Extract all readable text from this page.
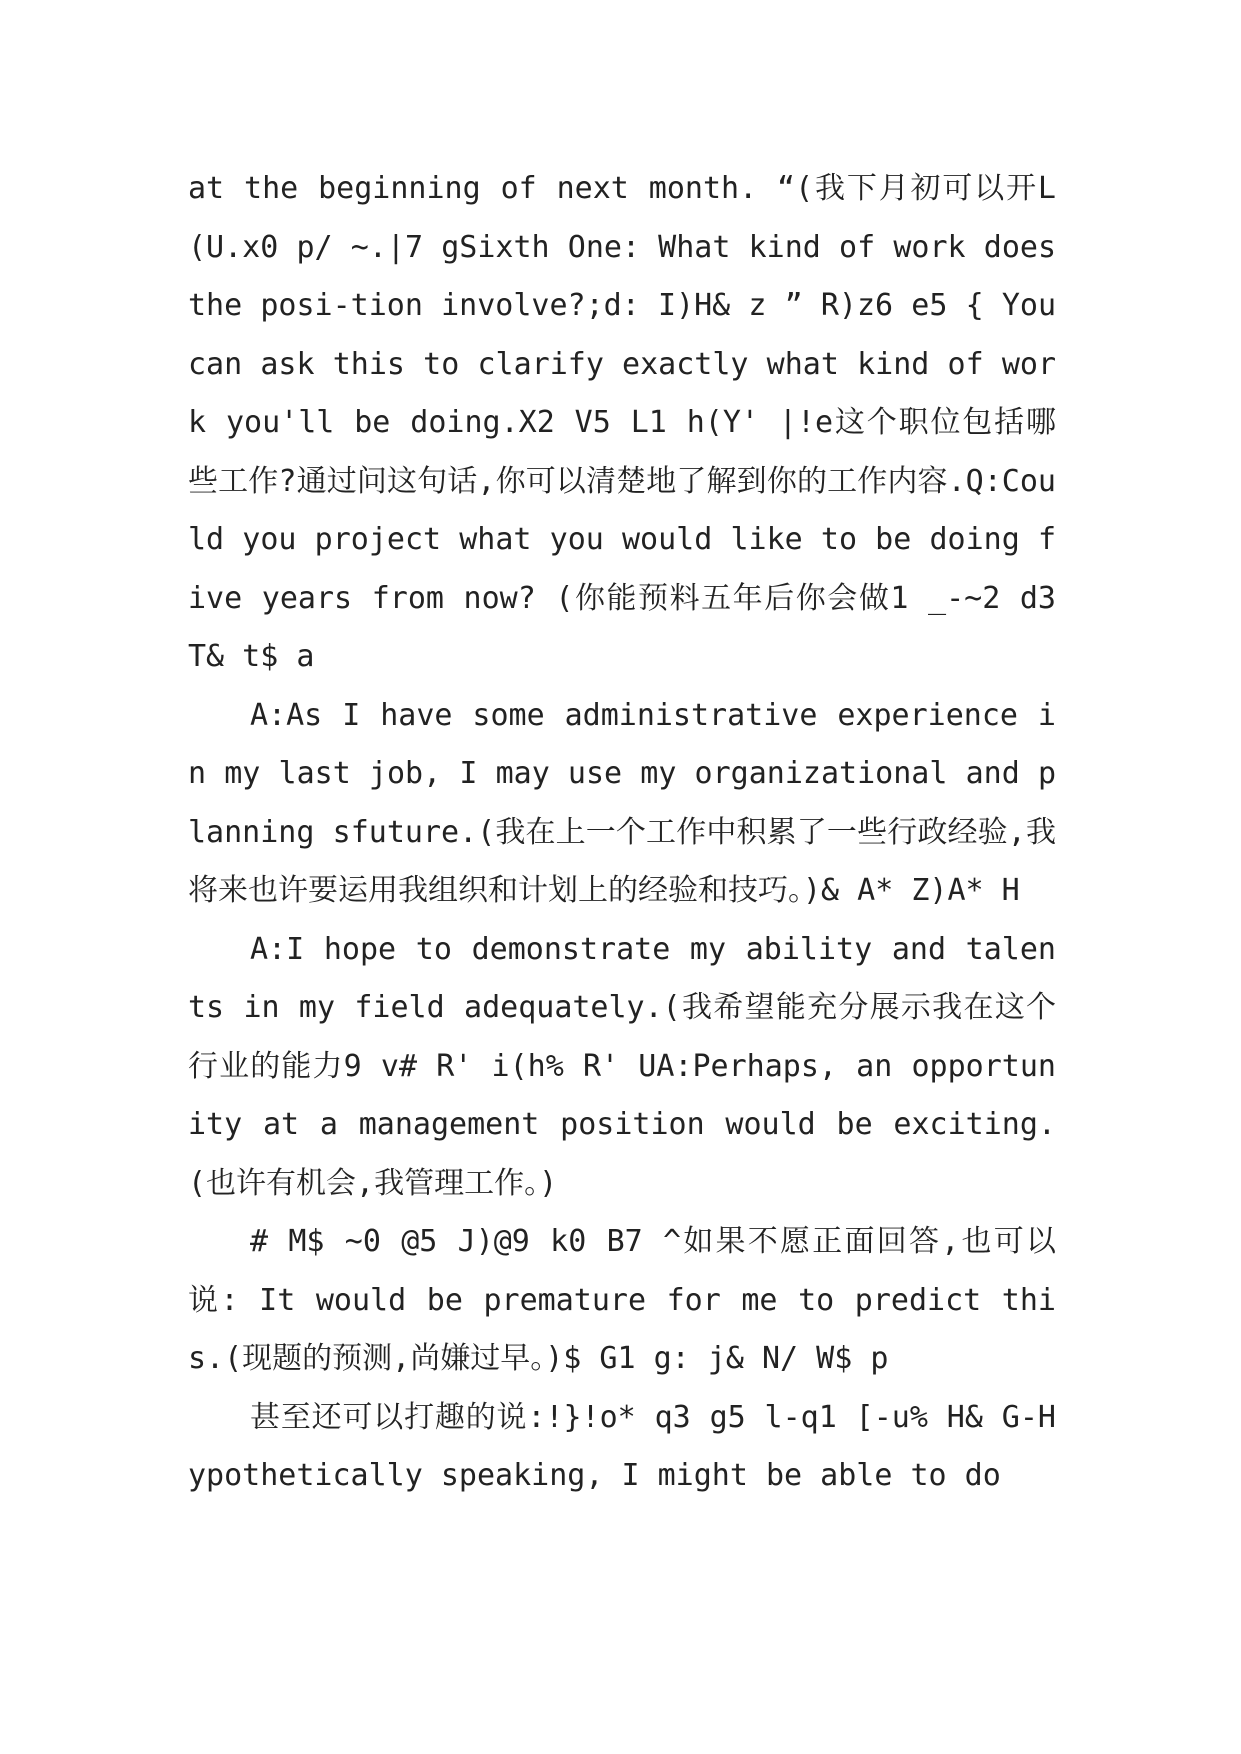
at the beginning of next month. “(我下月初可以开L(U.x0 p/ ~.|7 gSixth One: What kind of work does the posi-tion involve?;d: I)H& z ” R)z6 e5 { You can ask this to clarify exactly what kind of work you'll be doing.X2 V5 L1 h(Y' |!e这个职位包括哪些工作?通过问这句话,你可以清楚地了解到你的工作内容.Q:Could you project what you would like to be doing five years from now? (你能预料五年后你会做1 _-~2 d3 T& t$ a

A:As I have some administrative experience in my last job, I may use my organizational and planning sfuture.(我在上一个工作中积累了一些行政经验,我将来也许要运用我组织和计划上的经验和技巧。)& A* Z)A* H

A:I hope to demonstrate my ability and talents in my field adequately.(我希望能充分展示我在这个行业的能力9 v# R' i(h% R' UA:Perhaps, an opportunity at a management position would be exciting.(也许有机会,我管理工作。)

# M$ ~0 @5 J)@9 k0 B7 ^如果不愿正面回答,也可以说: It would be premature for me to predict this.(现题的预测,尚嫌过早。)$ G1 g: j& N/ W$ p

甚至还可以打趣的说:!}!o* q3 g5 l-q1 [-u% H& G-Hypothetically speaking, I might be able to do
